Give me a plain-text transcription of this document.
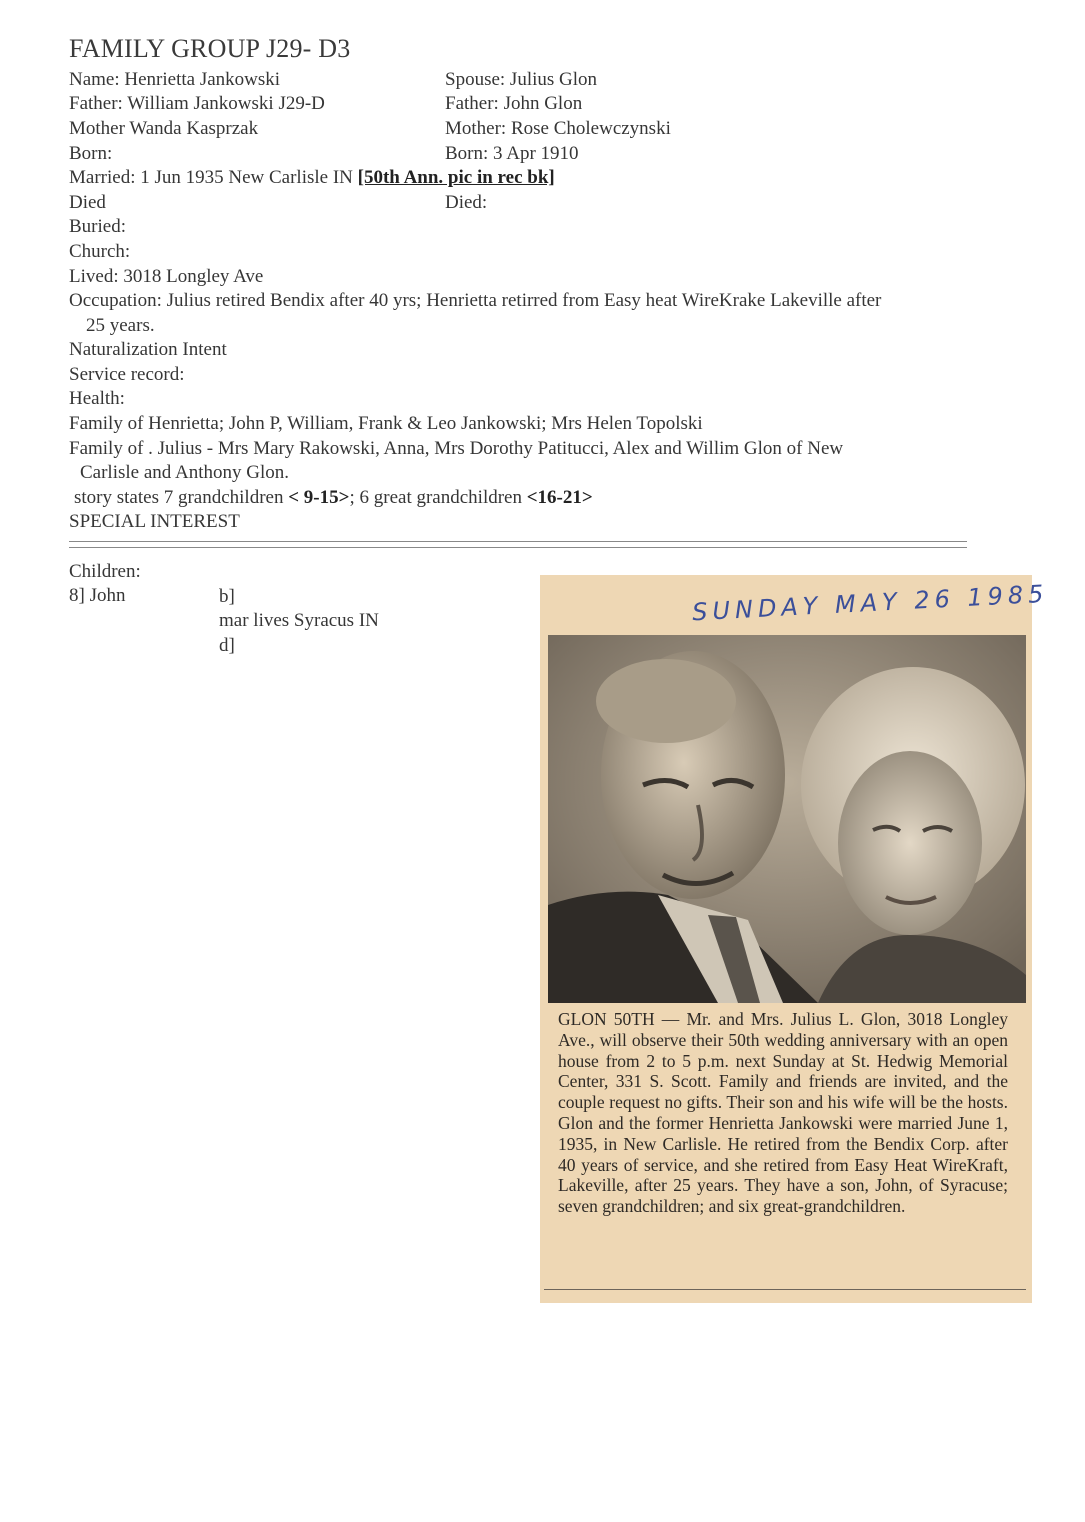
FAMILY GROUP J29- D3
Name: Henrietta Jankowski	Spouse: Julius Glon
Father: William Jankowski J29-D	Father: John Glon
Mother Wanda Kasprzak	Mother: Rose Cholewczynski
Born:	Born: 3 Apr 1910
Married: 1 Jun 1935 New Carlisle IN [50th Ann. pic in rec bk]
Died	Died:
Buried:
Church:
Lived: 3018 Longley Ave
Occupation: Julius retired Bendix after 40 yrs; Henrietta retirred from Easy heat WireKrake Lakeville after
25 years.
Naturalization Intent
Service record:
Health:
Family of Henrietta; John P, William, Frank & Leo Jankowski; Mrs Helen Topolski
Family of . Julius - Mrs Mary Rakowski, Anna, Mrs Dorothy Patitucci, Alex and Willim Glon of New
Carlisle and Anthony Glon.
story states 7 grandchildren < 9-15>; 6 great grandchildren <16-21>
SPECIAL INTEREST
Children:
8] John	b]
mar lives Syracus IN
d]
SUNDAY MAY 26 1985
GLON 50TH — Mr. and Mrs. Julius L. Glon, 3018 Longley Ave., will observe their 50th wedding anniversary with an open house from 2 to 5 p.m. next Sunday at St. Hedwig Memorial Center, 331 S. Scott. Family and friends are invited, and the couple request no gifts. Their son and his wife will be the hosts. Glon and the former Henrietta Jankowski were married June 1, 1935, in New Carlisle. He retired from the Bendix Corp. after 40 years of service, and she retired from Easy Heat WireKraft, Lakeville, after 25 years. They have a son, John, of Syracuse; seven grandchildren; and six great-grandchildren.
